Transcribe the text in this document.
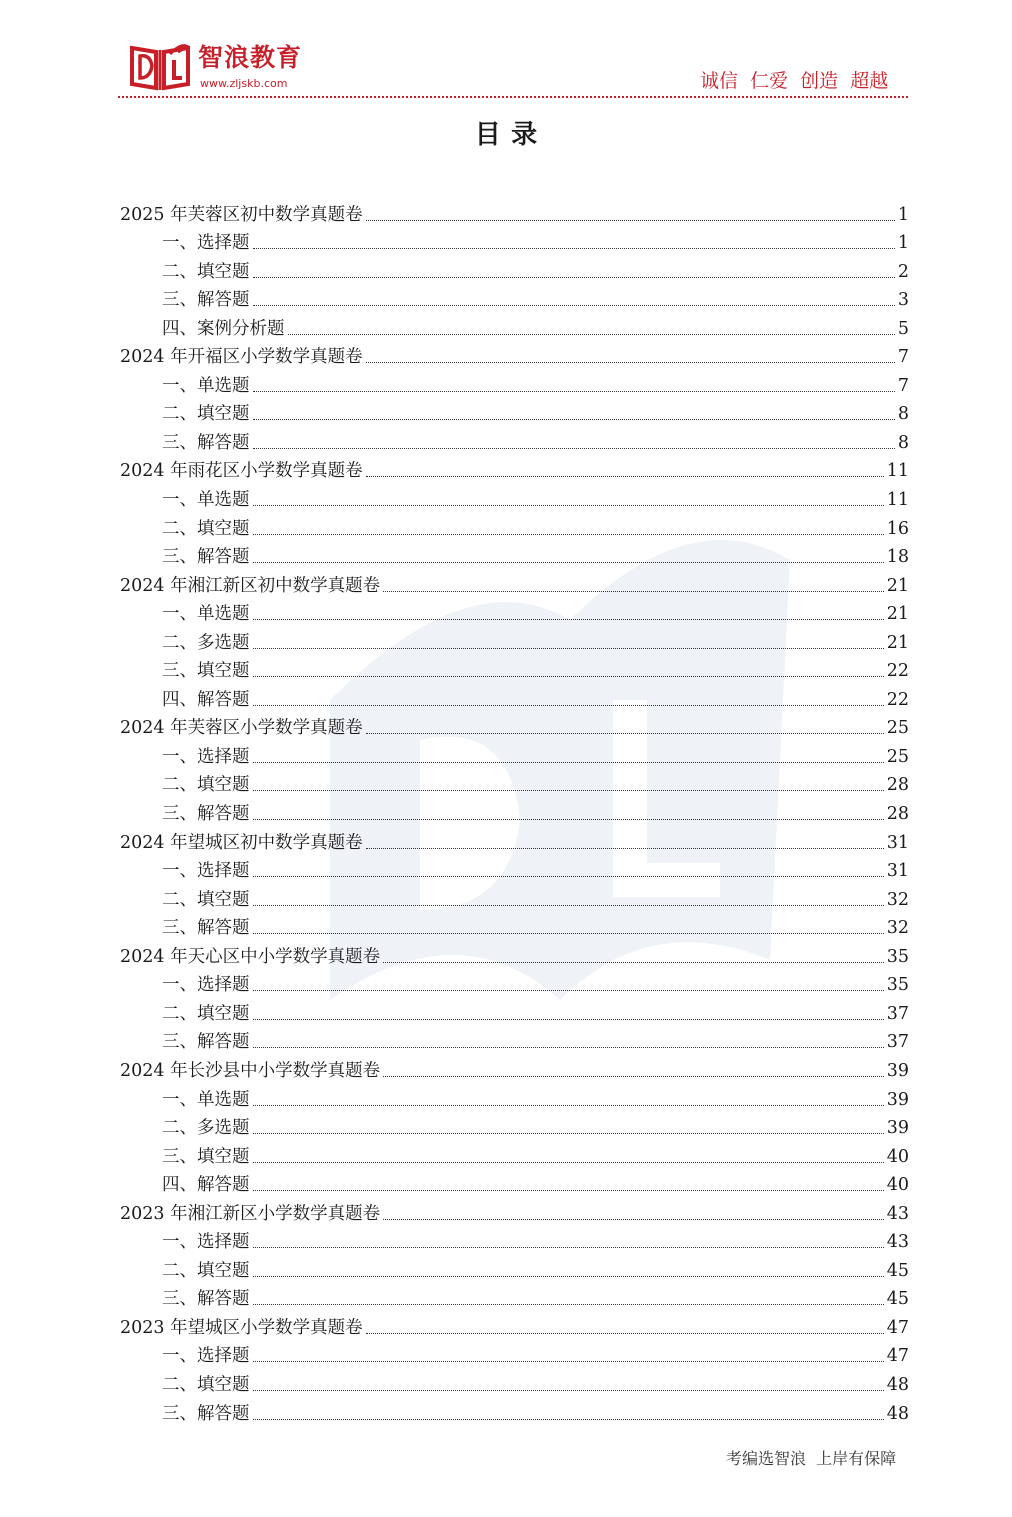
智浪教育
www.zljskb.com	诚信  仁爱  创造  超越
目录
2025 年芙蓉区初中数学真题卷	1
一、选择题	1
二、填空题	2
三、解答题	3
四、案例分析题	5
2024 年开福区小学数学真题卷	7
一、单选题	7
二、填空题	8
三、解答题	8
2024 年雨花区小学数学真题卷	11
一、单选题	11
二、填空题	16
三、解答题	18
2024 年湘江新区初中数学真题卷	21
一、单选题	21
二、多选题	21
三、填空题	22
四、解答题	22
2024 年芙蓉区小学数学真题卷	25
一、选择题	25
二、填空题	28
三、解答题	28
2024 年望城区初中数学真题卷	31
一、选择题	31
二、填空题	32
三、解答题	32
2024 年天心区中小学数学真题卷	35
一、选择题	35
二、填空题	37
三、解答题	37
2024 年长沙县中小学数学真题卷	39
一、单选题	39
二、多选题	39
三、填空题	40
四、解答题	40
2023 年湘江新区小学数学真题卷	43
一、选择题	43
二、填空题	45
三、解答题	45
2023 年望城区小学数学真题卷	47
一、选择题	47
二、填空题	48
三、解答题	48
考编选智浪  上岸有保障
